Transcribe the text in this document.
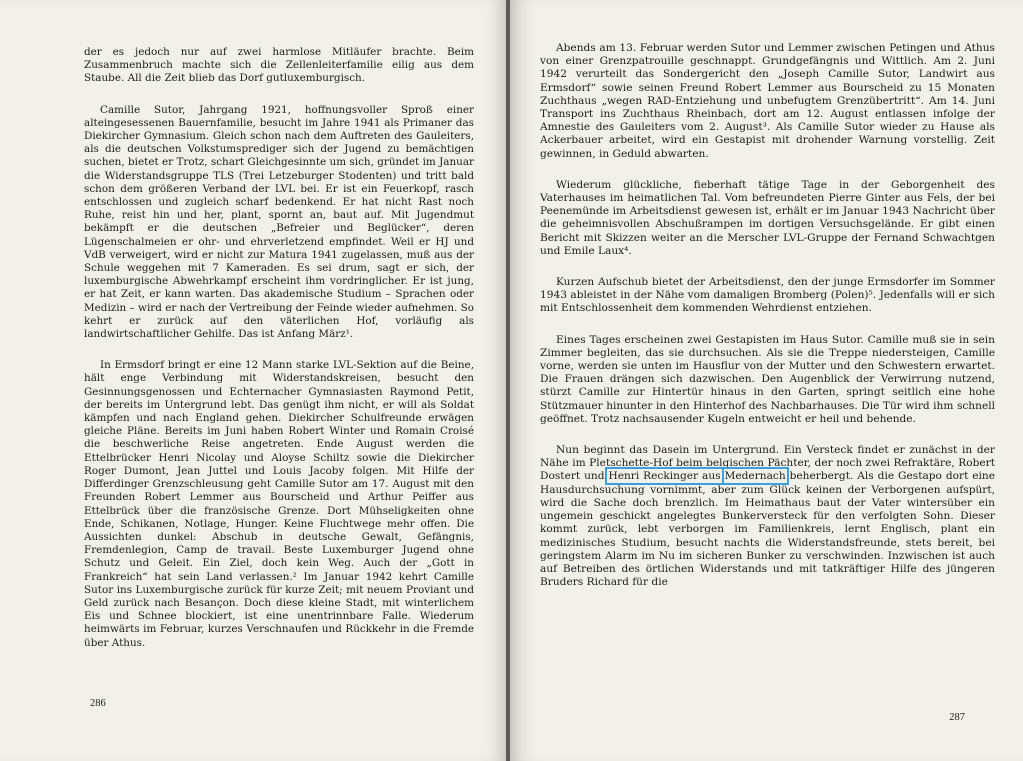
der es jedoch nur auf zwei harmlose Mitläufer brachte. Beim Zusammenbruch machte sich die Zellenleiterfamilie eilig aus dem Staube. All die Zeit blieb das Dorf gutluxemburgisch.

Camille Sutor, Jahrgang 1921, hoffnungsvoller Sproß einer alteingesessenen Bauernfamilie, besucht im Jahre 1941 als Primaner das Diekircher Gymnasium. Gleich schon nach dem Auftreten des Gauleiters, als die deutschen Volkstumsprediger sich der Jugend zu bemächtigen suchen, bietet er Trotz, schart Gleichgesinnte um sich, gründet im Januar die Widerstandsgruppe TLS (Trei Letzeburger Stodenten) und tritt bald schon dem größeren Verband der LVL bei. Er ist ein Feuerkopf, rasch entschlossen und zugleich scharf bedenkend. Er hat nicht Rast noch Ruhe, reist hin und her, plant, spornt an, baut auf. Mit Jugendmut bekämpft er die deutschen „Befreier und Beglücker“, deren Lügenschalmeien er ohr- und ehrverletzend empfindet. Weil er HJ und VdB verweigert, wird er nicht zur Matura 1941 zugelassen, muß aus der Schule weggehen mit 7 Kameraden. Es sei drum, sagt er sich, der luxemburgische Abwehrkampf erscheint ihm vordringlicher. Er ist jung, er hat Zeit, er kann warten. Das akademische Studium – Sprachen oder Medizin – wird er nach der Vertreibung der Feinde wieder aufnehmen. So kehrt er zurück auf den väterlichen Hof, vorläufig als landwirtschaftlicher Gehilfe. Das ist Anfang März¹.

In Ermsdorf bringt er eine 12 Mann starke LVL-Sektion auf die Beine, hält enge Verbindung mit Widerstandskreisen, besucht den Gesinnungsgenossen und Echternacher Gymnasiasten Raymond Petit, der bereits im Untergrund lebt. Das genügt ihm nicht, er will als Soldat kämpfen und nach England gehen. Diekircher Schulfreunde erwägen gleiche Pläne. Bereits im Juni haben Robert Winter und Romain Croisé die beschwerliche Reise angetreten. Ende August werden die Ettelbrücker Henri Nicolay und Aloyse Schiltz sowie die Diekircher Roger Dumont, Jean Juttel und Louis Jacoby folgen. Mit Hilfe der Differdinger Grenzschleusung geht Camille Sutor am 17. August mit den Freunden Robert Lemmer aus Bourscheid und Arthur Peiffer aus Ettelbrück über die französische Grenze. Dort Mühseligkeiten ohne Ende, Schikanen, Notlage, Hunger. Keine Fluchtwege mehr offen. Die Aussichten dunkel: Abschub in deutsche Gewalt, Gefängnis, Fremdenlegion, Camp de travail. Beste Luxemburger Jugend ohne Schutz und Geleit. Ein Ziel, doch kein Weg. Auch der „Gott in Frankreich“ hat sein Land verlassen.² Im Januar 1942 kehrt Camille Sutor ins Luxemburgische zurück für kurze Zeit; mit neuem Proviant und Geld zurück nach Besançon. Doch diese kleine Stadt, mit winterlichem Eis und Schnee blockiert, ist eine unentrinnbare Falle. Wiederum heimwärts im Februar, kurzes Verschnaufen und Rückkehr in die Fremde über Athus.

286

Abends am 13. Februar werden Sutor und Lemmer zwischen Petingen und Athus von einer Grenzpatrouille geschnappt. Grundgefängnis und Wittlich. Am 2. Juni 1942 verurteilt das Sondergericht den „Joseph Camille Sutor, Landwirt aus Ermsdorf“ sowie seinen Freund Robert Lemmer aus Bourscheid zu 15 Monaten Zuchthaus „wegen RAD-Entziehung und unbefugtem Grenzübertritt“. Am 14. Juni Transport ins Zuchthaus Rheinbach, dort am 12. August entlassen infolge der Amnestie des Gauleiters vom 2. August³. Als Camille Sutor wieder zu Hause als Ackerbauer arbeitet, wird ein Gestapist mit drohender Warnung vorstellig. Zeit gewinnen, in Geduld abwarten.

Wiederum glückliche, fieberhaft tätige Tage in der Geborgenheit des Vaterhauses im heimatlichen Tal. Vom befreundeten Pierre Ginter aus Fels, der bei Peenemünde im Arbeitsdienst gewesen ist, erhält er im Januar 1943 Nachricht über die geheimnisvollen Abschußrampen im dortigen Versuchsgelände. Er gibt einen Bericht mit Skizzen weiter an die Merscher LVL-Gruppe der Fernand Schwachtgen und Emile Laux⁴.

Kurzen Aufschub bietet der Arbeitsdienst, den der junge Ermsdorfer im Sommer 1943 ableistet in der Nähe vom damaligen Bromberg (Polen)⁵. Jedenfalls will er sich mit Entschlossenheit dem kommenden Wehrdienst entziehen.

Eines Tages erscheinen zwei Gestapisten im Haus Sutor. Camille muß sie in sein Zimmer begleiten, das sie durchsuchen. Als sie die Treppe niedersteigen, Camille vorne, werden sie unten im Hausflur von der Mutter und den Schwestern erwartet. Die Frauen drängen sich dazwischen. Den Augenblick der Verwirrung nutzend, stürzt Camille zur Hintertür hinaus in den Garten, springt seitlich eine hohe Stützmauer hinunter in den Hinterhof des Nachbarhauses. Die Tür wird ihm schnell geöffnet. Trotz nachsausender Kugeln entweicht er heil und behende.

Nun beginnt das Dasein im Untergrund. Ein Versteck findet er zunächst in der Nähe im Pletschette-Hof beim belgischen Pächter, der noch zwei Refraktäre, Robert Dostert und Henri Reckinger aus Medernach beherbergt. Als die Gestapo dort eine Hausdurchsuchung vornimmt, aber zum Glück keinen der Verborgenen aufspürt, wird die Sache doch brenzlich. Im Heimathaus baut der Vater wintersüber ein ungemein geschickt angelegtes Bunkerversteck für den verfolgten Sohn. Dieser kommt zurück, lebt verborgen im Familienkreis, lernt Englisch, plant ein medizinisches Studium, besucht nachts die Widerstandsfreunde, stets bereit, bei geringstem Alarm im Nu im sicheren Bunker zu verschwinden. Inzwischen ist auch auf Betreiben des örtlichen Widerstands und mit tatkräftiger Hilfe des jüngeren Bruders Richard für die

287
